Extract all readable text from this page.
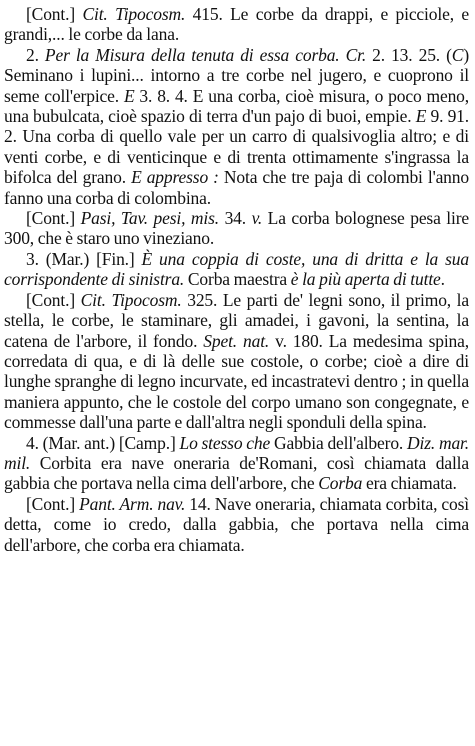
[Cont.] Cit. Tipocosm. 415. Le corbe da drappi, e picciole, e grandi,... le corbe da lana.

2. Per la Misura della tenuta di essa corba. Cr. 2. 13. 25. (C) Seminano i lupini... intorno a tre corbe nel jugero, e cuoprono il seme coll'erpice. E 3. 8. 4. E una corba, cioè misura, o poco meno, una bubulcata, cioè spazio di terra d'un pajo di buoi, empie. E 9. 91. 2. Una corba di quello vale per un carro di qualsivoglia altro; e di venti corbe, e di venticinque e di trenta ottimamente s'ingrassa la bifolca del grano. E appresso : Nota che tre paja di colombi l'anno fanno una corba di colombina.

[Cont.] Pasi, Tav. pesi, mis. 34. v. La corba bolognese pesa lire 300, che è staro uno vineziano.

3. (Mar.) [Fin.] È una coppia di coste, una di dritta e la sua corrispondente di sinistra. Corba maestra è la più aperta di tutte.

[Cont.] Cit. Tipocosm. 325. Le parti de' legni sono, il primo, la stella, le corbe, le staminare, gli amadei, i gavoni, la sentina, la catena de l'arbore, il fondo. Spet. nat. v. 180. La medesima spina, corredata di qua, e di là delle sue costole, o corbe; cioè a dire di lunghe spranghe di legno incurvate, ed incastratevi dentro ; in quella maniera appunto, che le costole del corpo umano son congegnate, e commesse dall'una parte e dall'altra negli sponduli della spina.

4. (Mar. ant.) [Camp.] Lo stesso che Gabbia dell'albero. Diz. mar. mil. Corbita era nave oneraria de'Romani, così chiamata dalla gabbia che portava nella cima dell'arbore, che Corba era chiamata.

[Cont.] Pant. Arm. nav. 14. Nave oneraria, chiamata corbita, così detta, come io credo, dalla gabbia, che portava nella cima dell'arbore, che corba era chiamata.
